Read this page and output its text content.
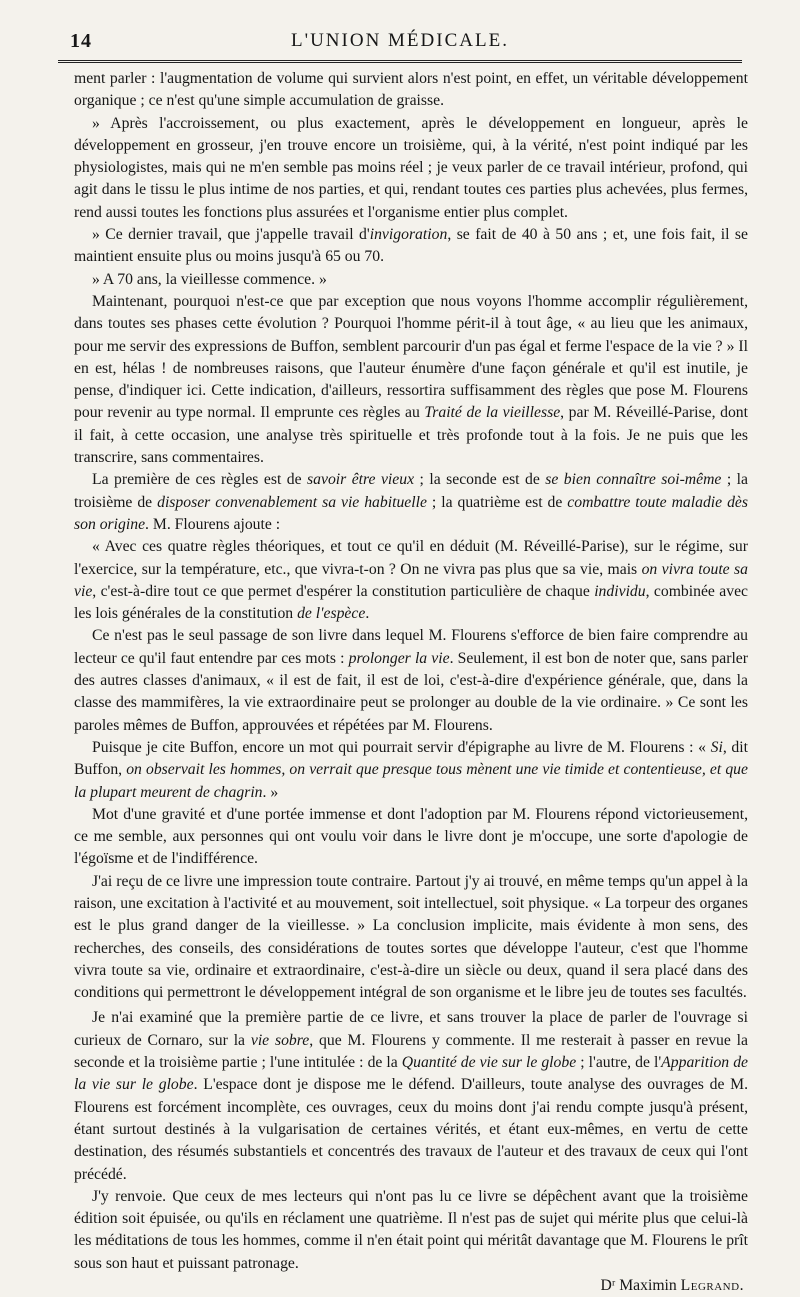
14	L'UNION MÉDICALE.

ment parler : l'augmentation de volume qui survient alors n'est point, en effet, un véritable développement organique ; ce n'est qu'une simple accumulation de graisse.

» Après l'accroissement, ou plus exactement, après le développement en longueur, après le développement en grosseur, j'en trouve encore un troisième, qui, à la vérité, n'est point indiqué par les physiologistes, mais qui ne m'en semble pas moins réel ; je veux parler de ce travail intérieur, profond, qui agit dans le tissu le plus intime de nos parties, et qui, rendant toutes ces parties plus achevées, plus fermes, rend aussi toutes les fonctions plus assurées et l'organisme entier plus complet.

» Ce dernier travail, que j'appelle travail d'invigoration, se fait de 40 à 50 ans ; et, une fois fait, il se maintient ensuite plus ou moins jusqu'à 65 ou 70.

» A 70 ans, la vieillesse commence. »

Maintenant, pourquoi n'est-ce que par exception que nous voyons l'homme accomplir régulièrement, dans toutes ses phases cette évolution ? Pourquoi l'homme périt-il à tout âge, « au lieu que les animaux, pour me servir des expressions de Buffon, semblent parcourir d'un pas égal et ferme l'espace de la vie ? » Il en est, hélas ! de nombreuses raisons, que l'auteur énumère d'une façon générale et qu'il est inutile, je pense, d'indiquer ici. Cette indication, d'ailleurs, ressortira suffisamment des règles que pose M. Flourens pour revenir au type normal. Il emprunte ces règles au Traité de la vieillesse, par M. Réveillé-Parise, dont il fait, à cette occasion, une analyse très spirituelle et très profonde tout à la fois. Je ne puis que les transcrire, sans commentaires.

La première de ces règles est de savoir être vieux ; la seconde est de se bien connaître soi-même ; la troisième de disposer convenablement sa vie habituelle ; la quatrième est de combattre toute maladie dès son origine. M. Flourens ajoute :

« Avec ces quatre règles théoriques, et tout ce qu'il en déduit (M. Réveillé-Parise), sur le régime, sur l'exercice, sur la température, etc., que vivra-t-on ? On ne vivra pas plus que sa vie, mais on vivra toute sa vie, c'est-à-dire tout ce que permet d'espérer la constitution particulière de chaque individu, combinée avec les lois générales de la constitution de l'espèce.

Ce n'est pas le seul passage de son livre dans lequel M. Flourens s'efforce de bien faire comprendre au lecteur ce qu'il faut entendre par ces mots : prolonger la vie. Seulement, il est bon de noter que, sans parler des autres classes d'animaux, « il est de fait, il est de loi, c'est-à-dire d'expérience générale, que, dans la classe des mammifères, la vie extraordinaire peut se prolonger au double de la vie ordinaire. » Ce sont les paroles mêmes de Buffon, approuvées et répétées par M. Flourens.

Puisque je cite Buffon, encore un mot qui pourrait servir d'épigraphe au livre de M. Flourens : « Si, dit Buffon, on observait les hommes, on verrait que presque tous mènent une vie timide et contentieuse, et que la plupart meurent de chagrin. »

Mot d'une gravité et d'une portée immense et dont l'adoption par M. Flourens répond victorieusement, ce me semble, aux personnes qui ont voulu voir dans le livre dont je m'occupe, une sorte d'apologie de l'égoïsme et de l'indifférence.

J'ai reçu de ce livre une impression toute contraire. Partout j'y ai trouvé, en même temps qu'un appel à la raison, une excitation à l'activité et au mouvement, soit intellectuel, soit physique. « La torpeur des organes est le plus grand danger de la vieillesse. » La conclusion implicite, mais évidente à mon sens, des recherches, des conseils, des considérations de toutes sortes que développe l'auteur, c'est que l'homme vivra toute sa vie, ordinaire et extraordinaire, c'est-à-dire un siècle ou deux, quand il sera placé dans des conditions qui permettront le développement intégral de son organisme et le libre jeu de toutes ses facultés.

Je n'ai examiné que la première partie de ce livre, et sans trouver la place de parler de l'ouvrage si curieux de Cornaro, sur la vie sobre, que M. Flourens y commente. Il me resterait à passer en revue la seconde et la troisième partie ; l'une intitulée : de la Quantité de vie sur le globe ; l'autre, de l'Apparition de la vie sur le globe. L'espace dont je dispose me le défend. D'ailleurs, toute analyse des ouvrages de M. Flourens est forcément incomplète, ces ouvrages, ceux du moins dont j'ai rendu compte jusqu'à présent, étant surtout destinés à la vulgarisation de certaines vérités, et étant eux-mêmes, en vertu de cette destination, des résumés substantiels et concentrés des travaux de l'auteur et des travaux de ceux qui l'ont précédé.

J'y renvoie. Que ceux de mes lecteurs qui n'ont pas lu ce livre se dépêchent avant que la troisième édition soit épuisée, ou qu'ils en réclament une quatrième. Il n'est pas de sujet qui mérite plus que celui-là les méditations de tous les hommes, comme il n'en était point qui méritât davantage que M. Flourens le prît sous son haut et puissant patronage.

Dʳ Maximin Legrand.
